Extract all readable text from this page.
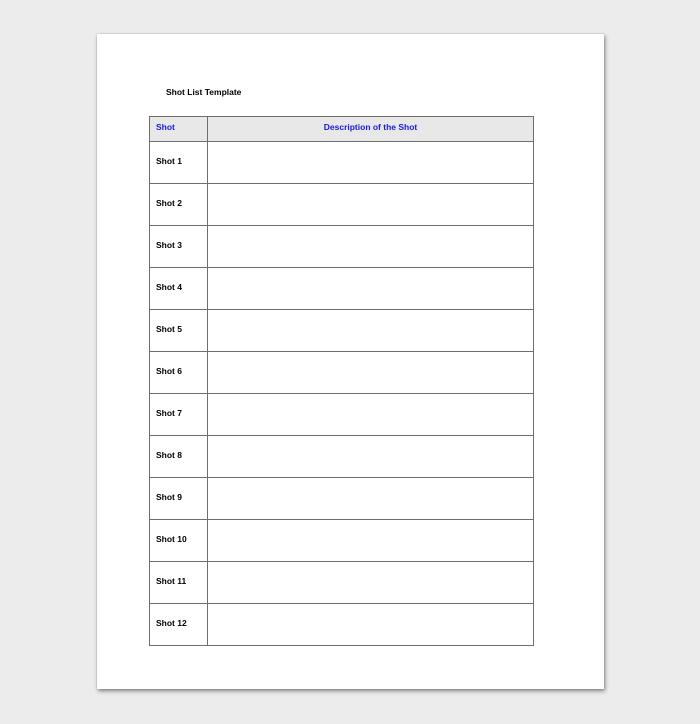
Shot List Template
Shot	Description of the Shot
Shot 1	
Shot 2	
Shot 3	
Shot 4	
Shot 5	
Shot 6	
Shot 7	
Shot 8	
Shot 9	
Shot 10	
Shot 11	
Shot 12	
